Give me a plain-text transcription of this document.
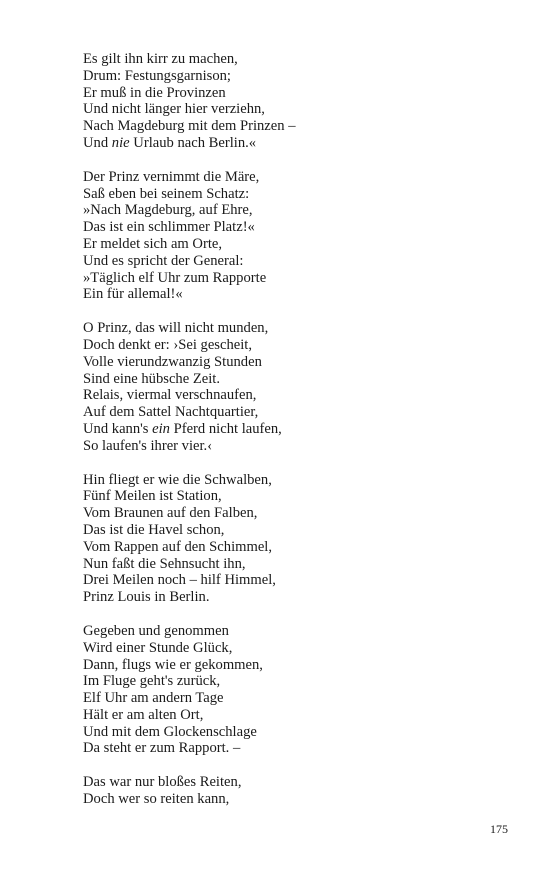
Es gilt ihn kirr zu machen,
Drum: Festungsgarnison;
Er muß in die Provinzen
Und nicht länger hier verziehn,
Nach Magdeburg mit dem Prinzen –
Und nie Urlaub nach Berlin.«
Der Prinz vernimmt die Märe,
Saß eben bei seinem Schatz:
»Nach Magdeburg, auf Ehre,
Das ist ein schlimmer Platz!«
Er meldet sich am Orte,
Und es spricht der General:
»Täglich elf Uhr zum Rapporte
Ein für allemal!«
O Prinz, das will nicht munden,
Doch denkt er: ›Sei gescheit,
Volle vierundzwanzig Stunden
Sind eine hübsche Zeit.
Relais, viermal verschnaufen,
Auf dem Sattel Nachtquartier,
Und kann's ein Pferd nicht laufen,
So laufen's ihrer vier.‹
Hin fliegt er wie die Schwalben,
Fünf Meilen ist Station,
Vom Braunen auf den Falben,
Das ist die Havel schon,
Vom Rappen auf den Schimmel,
Nun faßt die Sehnsucht ihn,
Drei Meilen noch – hilf Himmel,
Prinz Louis in Berlin.
Gegeben und genommen
Wird einer Stunde Glück,
Dann, flugs wie er gekommen,
Im Fluge geht's zurück,
Elf Uhr am andern Tage
Hält er am alten Ort,
Und mit dem Glockenschlage
Da steht er zum Rapport. –
Das war nur bloßes Reiten,
Doch wer so reiten kann,
175
